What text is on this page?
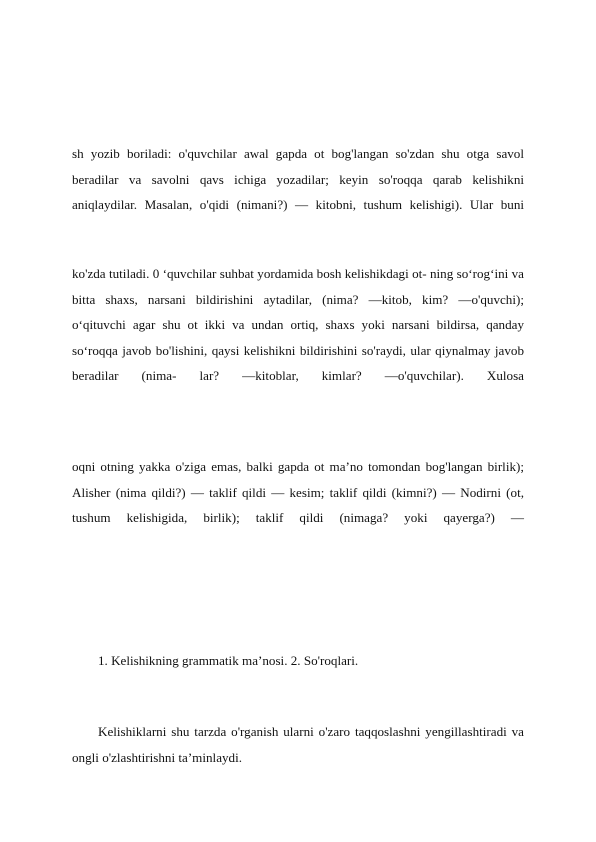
sh yozib boriladi: o'quvchilar awal gapda ot bog'langan so'zdan shu otga savol beradilar va savolni qavs ichiga yozadilar; keyin so'roqqa qarab kelishikni aniqlaydilar. Masalan, o'qidi (nimani?) — kitobni, tushum kelishigi). Ular buni

ko'zda tutiladi. 0 ‘quvchilar suhbat yordamida bosh kelishikdagi ot- ning so‘rog‘ini va bitta shaxs, narsani bildirishini aytadilar, (nima? —kitob, kim? —o'quvchi); o‘qituvchi agar shu ot ikki va undan ortiq, shaxs yoki narsani bildirsa, qanday so‘roqqa javob bo'lishini, qaysi kelishikni bildirishini so'raydi, ular qiynalmay javob beradilar (nima- lar? —kitoblar, kimlar? —o'quvchilar). Xulosa

oqni otning yakka o'ziga emas, balki gapda ot ma’no tomondan bog'langan birlik); Alisher (nima qildi?) — taklif qildi — kesim; taklif qildi (kimni?) — Nodirni (ot, tushum kelishigida, birlik); taklif qildi (nimaga? yoki qayerga?) —

1. Kelishikning grammatik ma’nosi. 2. So'roqlari.

Kelishiklarni shu tarzda o'rganish ularni o'zaro taqqoslashni yengillashtiradi va ongli o'zlashtirishni ta’minlaydi.
